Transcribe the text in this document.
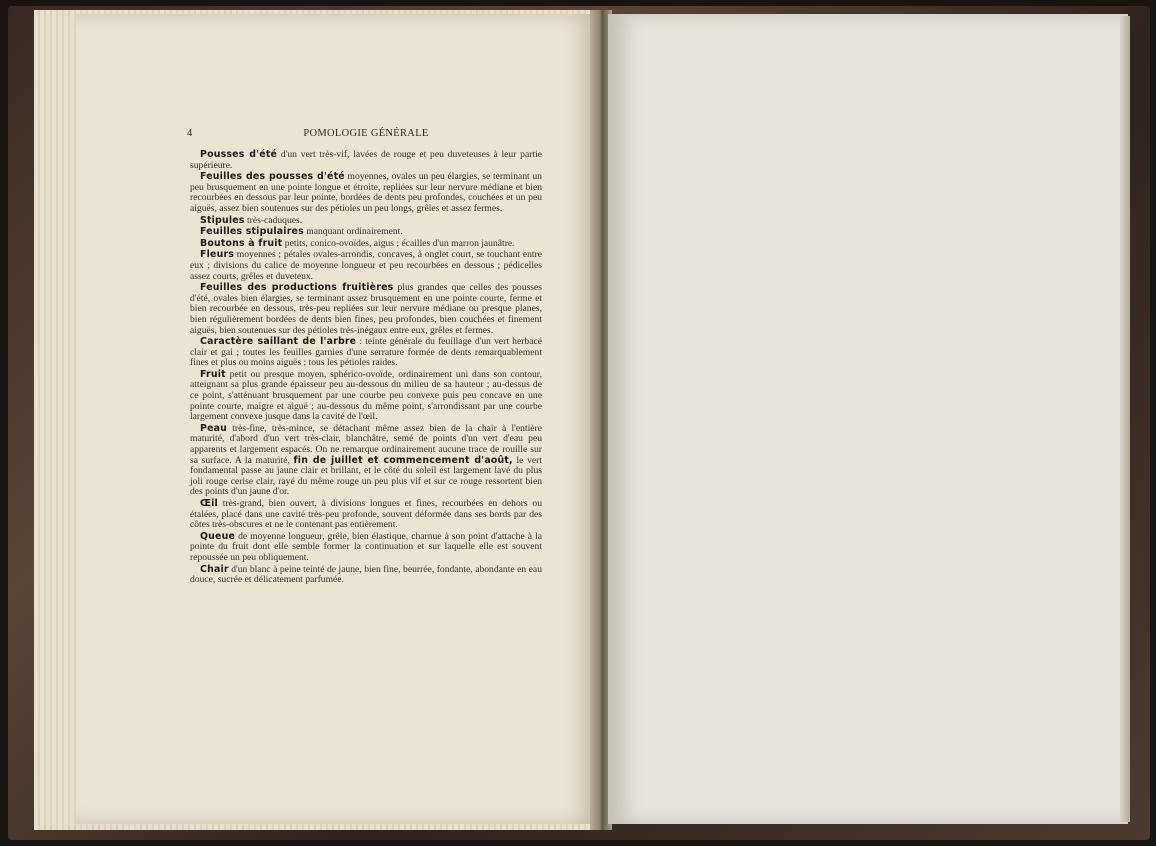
4	POMOLOGIE GÉNÉRALE

Pousses d'été d'un vert très-vif, lavées de rouge et peu duveteuses à leur partie supérieure.

Feuilles des pousses d'été moyennes, ovales un peu élargies, se terminant un peu brusquement en une pointe longue et étroite, repliées sur leur nervure médiane et bien recourbées en dessous par leur pointe, bordées de dents peu profondes, couchées et un peu aiguës, assez bien soutenues sur des pétioles un peu longs, grêles et assez fermes.

Stipules très-caduques.

Feuilles stipulaires manquant ordinairement.

Boutons à fruit petits, conico-ovoïdes, aigus ; écailles d'un marron jaunâtre.

Fleurs moyennes ; pétales ovales-arrondis, concaves, à onglet court, se touchant entre eux ; divisions du calice de moyenne longueur et peu recourbées en dessous ; pédicelles assez courts, grêles et duveteux.

Feuilles des productions fruitières plus grandes que celles des pousses d'été, ovales bien élargies, se terminant assez brusquement en une pointe courte, ferme et bien recourbée en dessous, très-peu repliées sur leur nervure médiane ou presque planes, bien régulièrement bordées de dents bien fines, peu profondes, bien couchées et finement aiguës, bien soutenues sur des pétioles très-inégaux entre eux, grêles et fermes.

Caractère saillant de l'arbre : teinte générale du feuillage d'un vert herbacé clair et gai ; toutes les feuilles garnies d'une serrature formée de dents remarquablement fines et plus ou moins aiguës ; tous les pétioles raides.

Fruit petit ou presque moyen, sphérico-ovoïde, ordinairement uni dans son contour, atteignant sa plus grande épaisseur peu au-dessous du milieu de sa hauteur ; au-dessus de ce point, s'atténuant brusquement par une courbe peu convexe puis peu concave en une pointe courte, maigre et aiguë ; au-dessous du même point, s'arrondissant par une courbe largement convexe jusque dans la cavité de l'œil.

Peau très-fine, très-mince, se détachant même assez bien de la chair à l'entière maturité, d'abord d'un vert très-clair, blanchâtre, semé de points d'un vert d'eau peu apparents et largement espacés. On ne remarque ordinairement aucune trace de rouille sur sa surface. A la maturité, fin de juillet et commencement d'août, le vert fondamental passe au jaune clair et brillant, et le côté du soleil est largement lavé du plus joli rouge cerise clair, rayé du même rouge un peu plus vif et sur ce rouge ressortent bien des points d'un jaune d'or.

Œil très-grand, bien ouvert, à divisions longues et fines, recourbées en dehors ou étalées, placé dans une cavité très-peu profonde, souvent déformée dans ses bords par des côtes très-obscures et ne le contenant pas entièrement.

Queue de moyenne longueur, grêle, bien élastique, charnue à son point d'attache à la pointe du fruit dont elle semble former la continuation et sur laquelle elle est souvent repoussée un peu obliquement.

Chair d'un blanc à peine teinté de jaune, bien fine, beurrée, fondante, abondante en eau douce, sucrée et délicatement parfumée.
